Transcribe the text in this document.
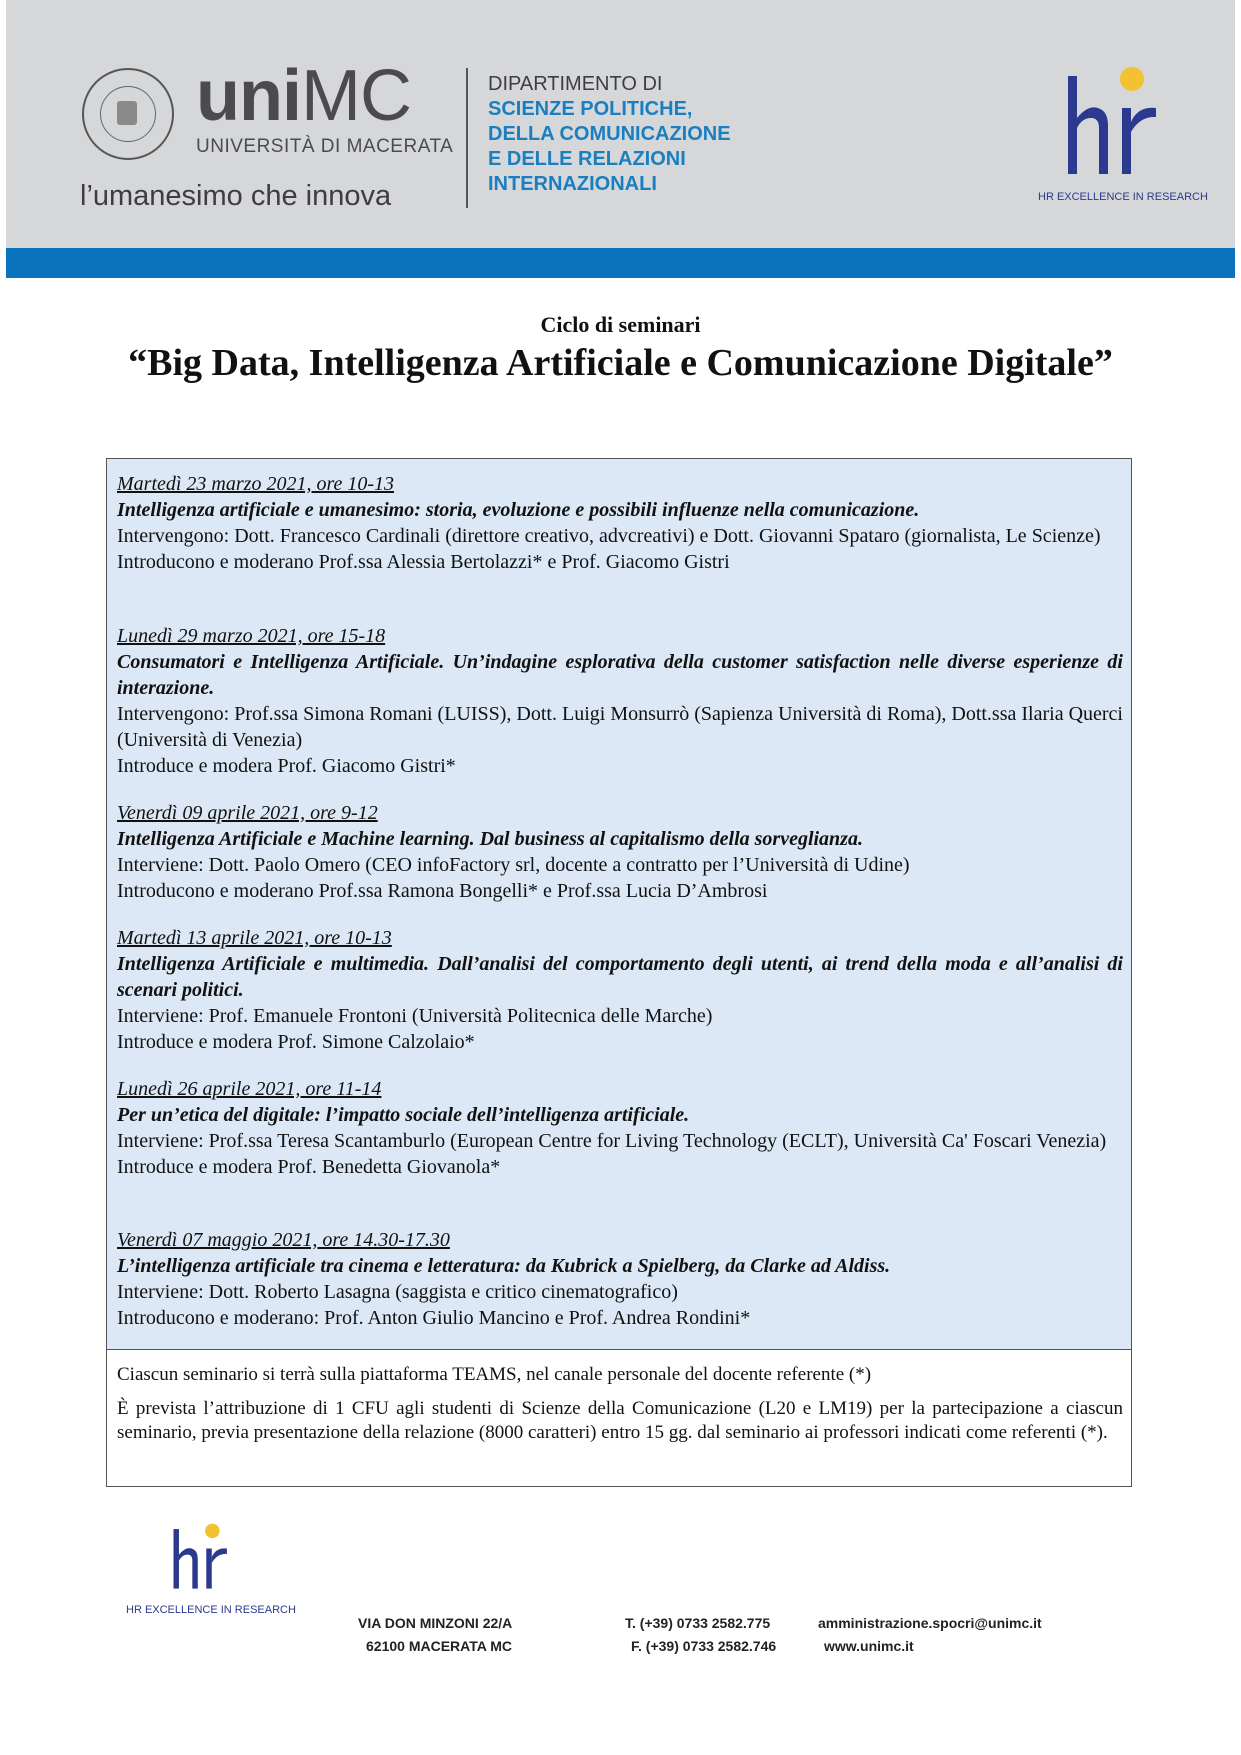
uniMC
UNIVERSITÀ DI MACERATA
l’umanesimo che innova
DIPARTIMENTO DI
SCIENZE POLITICHE,
DELLA COMUNICAZIONE
E DELLE RELAZIONI
INTERNAZIONALI
HR EXCELLENCE IN RESEARCH
Ciclo di seminari
“Big Data, Intelligenza Artificiale e Comunicazione Digitale”
Martedì 23 marzo 2021, ore 10-13
Intelligenza artificiale e umanesimo: storia, evoluzione e possibili influenze nella comunicazione.
Intervengono: Dott. Francesco Cardinali (direttore creativo, advcreativi) e Dott. Giovanni Spataro (giornalista, Le Scienze)
Introducono e moderano Prof.ssa Alessia Bertolazzi* e Prof. Giacomo Gistri
Lunedì 29 marzo 2021, ore 15-18
Consumatori e Intelligenza Artificiale. Un’indagine esplorativa della customer satisfaction nelle diverse esperienze di interazione.
Intervengono: Prof.ssa Simona Romani (LUISS), Dott. Luigi Monsurrò (Sapienza Università di Roma), Dott.ssa Ilaria Querci (Università di Venezia)
Introduce e modera Prof. Giacomo Gistri*
Venerdì 09 aprile 2021, ore 9-12
Intelligenza Artificiale e Machine learning. Dal business al capitalismo della sorveglianza.
Interviene: Dott. Paolo Omero (CEO infoFactory srl, docente a contratto per l’Università di Udine)
Introducono e moderano Prof.ssa Ramona Bongelli* e Prof.ssa Lucia D’Ambrosi
Martedì 13 aprile 2021, ore 10-13
Intelligenza Artificiale e multimedia. Dall’analisi del comportamento degli utenti, ai trend della moda e all’analisi di scenari politici.
Interviene: Prof. Emanuele Frontoni (Università Politecnica delle Marche)
Introduce e modera Prof. Simone Calzolaio*
Lunedì 26 aprile 2021, ore 11-14
Per un’etica del digitale: l’impatto sociale dell’intelligenza artificiale.
Interviene: Prof.ssa Teresa Scantamburlo (European Centre for Living Technology (ECLT), Università Ca' Foscari Venezia)
Introduce e modera Prof. Benedetta Giovanola*
Venerdì 07 maggio 2021, ore 14.30-17.30
L’intelligenza artificiale tra cinema e letteratura: da Kubrick a Spielberg, da Clarke ad Aldiss.
Interviene: Dott. Roberto Lasagna (saggista e critico cinematografico)
Introducono e moderano: Prof. Anton Giulio Mancino e Prof. Andrea Rondini*
Ciascun seminario si terrà sulla piattaforma TEAMS, nel canale personale del docente referente (*)
È prevista l’attribuzione di 1 CFU agli studenti di Scienze della Comunicazione (L20 e LM19) per la partecipazione a ciascun seminario, previa presentazione della relazione (8000 caratteri) entro 15 gg. dal seminario ai professori indicati come referenti (*).
HR EXCELLENCE IN RESEARCH
VIA DON MINZONI 22/A
62100 MACERATA MC
T. (+39) 0733 2582.775
F. (+39) 0733 2582.746
amministrazione.spocri@unimc.it
www.unimc.it
